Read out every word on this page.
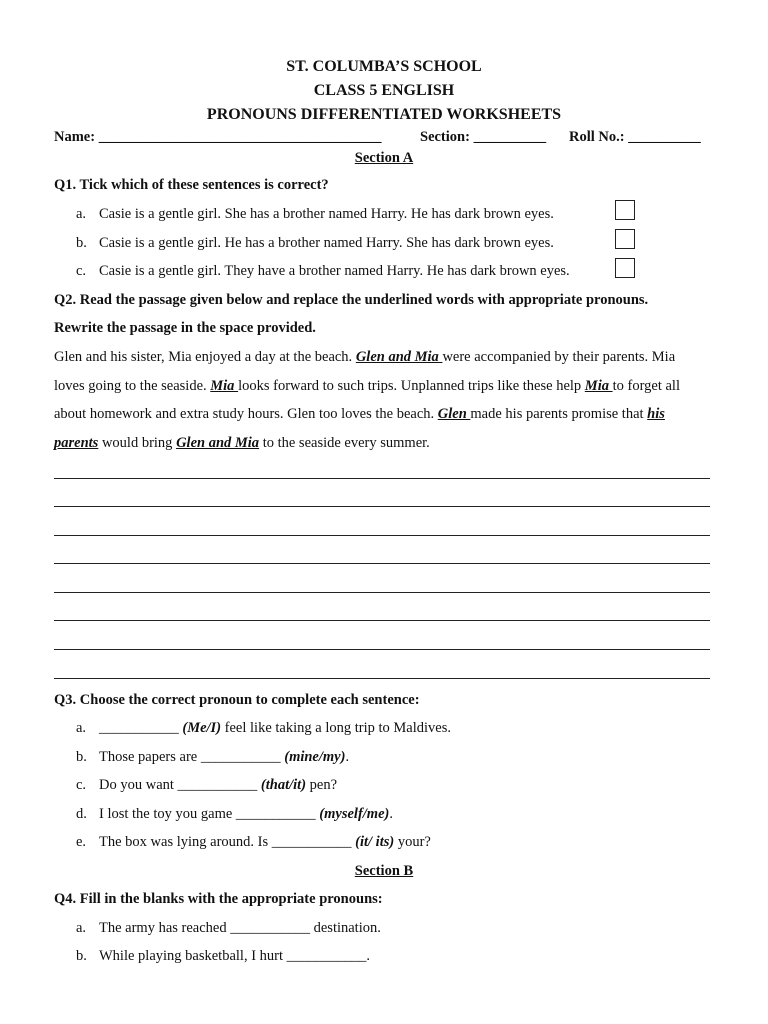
ST. COLUMBA’S SCHOOL
CLASS 5 ENGLISH
PRONOUNS DIFFERENTIATED WORKSHEETS
Name: _______________________________________	Section: __________ Roll No.: __________
Section A
Q1. Tick which of these sentences is correct?
a. Casie is a gentle girl. She has a brother named Harry. He has dark brown eyes.
b. Casie is a gentle girl. He has a brother named Harry. She has dark brown eyes.
c. Casie is a gentle girl. They have a brother named Harry. He has dark brown eyes.
Q2. Read the passage given below and replace the underlined words with appropriate pronouns.
Rewrite the passage in the space provided.
Glen and his sister, Mia enjoyed a day at the beach. Glen and Mia were accompanied by their parents. Mia
loves going to the seaside. Mia looks forward to such trips. Unplanned trips like these help Mia to forget all
about homework and extra study hours. Glen too loves the beach. Glen made his parents promise that his
parents would bring Glen and Mia to the seaside every summer.
Q3. Choose the correct pronoun to complete each sentence:
a. ___________ (Me/I) feel like taking a long trip to Maldives.
b. Those papers are ___________ (mine/my).
c. Do you want ___________ (that/it) pen?
d. I lost the toy you game ___________ (myself/me).
e. The box was lying around. Is ___________ (it/ its) your?
Section B
Q4. Fill in the blanks with the appropriate pronouns:
a. The army has reached ___________ destination.
b. While playing basketball, I hurt ___________.
